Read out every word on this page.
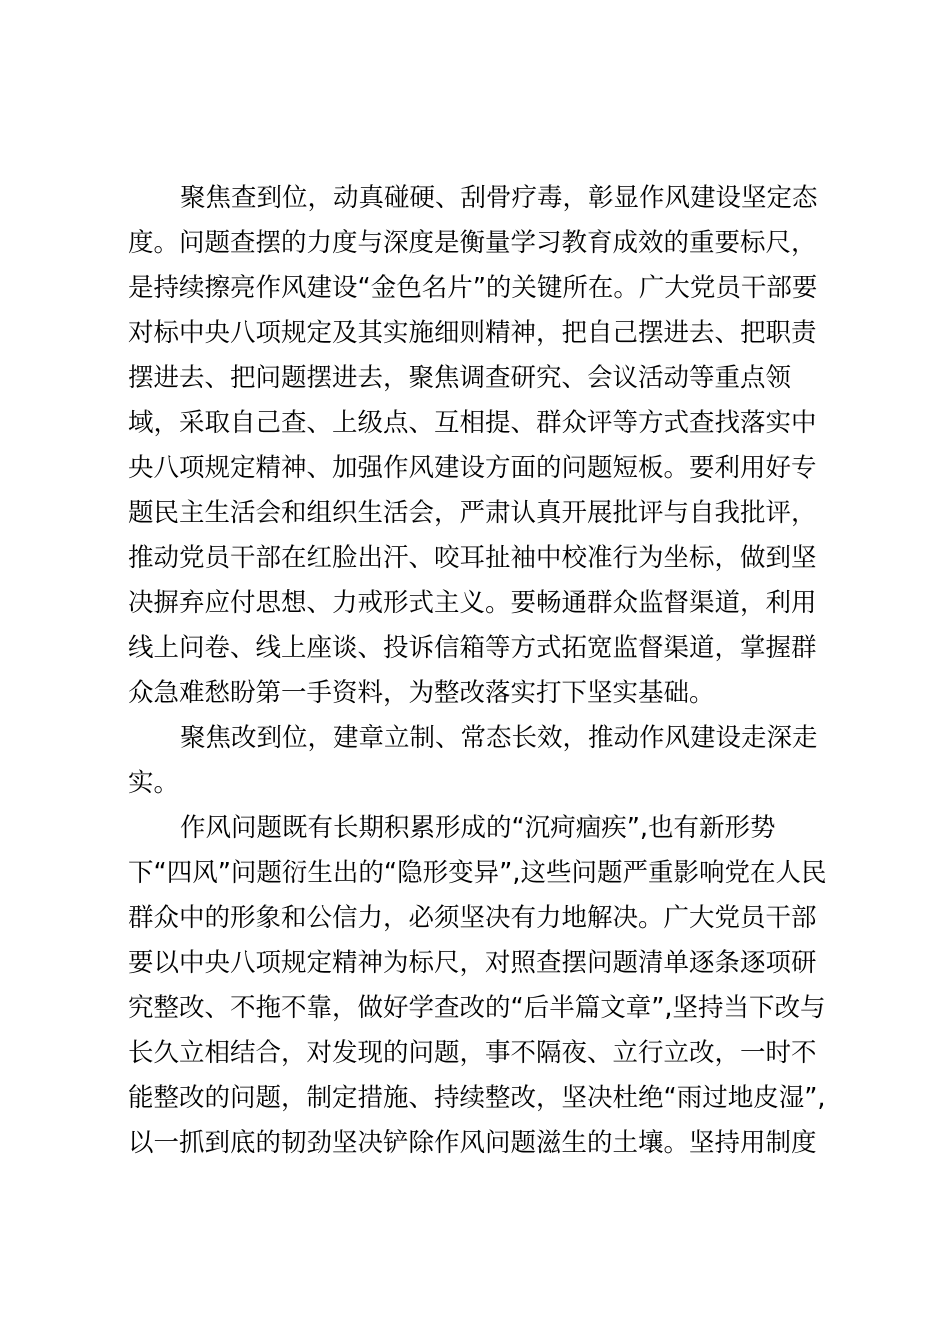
聚焦查到位，动真碰硬、刮骨疗毒，彰显作风建设坚定态
度。问题查摆的力度与深度是衡量学习教育成效的重要标尺，
是持续擦亮作风建设“金色名片”的关键所在。广大党员干部要
对标中央八项规定及其实施细则精神，把自己摆进去、把职责
摆进去、把问题摆进去，聚焦调查研究、会议活动等重点领
域，采取自己查、上级点、互相提、群众评等方式查找落实中
央八项规定精神、加强作风建设方面的问题短板。要利用好专
题民主生活会和组织生活会，严肃认真开展批评与自我批评，
推动党员干部在红脸出汗、咬耳扯袖中校准行为坐标，做到坚
决摒弃应付思想、力戒形式主义。要畅通群众监督渠道，利用
线上问卷、线上座谈、投诉信箱等方式拓宽监督渠道，掌握群
众急难愁盼第一手资料，为整改落实打下坚实基础。
聚焦改到位，建章立制、常态长效，推动作风建设走深走
实。
作风问题既有长期积累形成的“沉疴痼疾”,也有新形势
下“四风”问题衍生出的“隐形变异”,这些问题严重影响党在人民
群众中的形象和公信力，必须坚决有力地解决。广大党员干部
要以中央八项规定精神为标尺，对照查摆问题清单逐条逐项研
究整改、不拖不靠，做好学查改的“后半篇文章”,坚持当下改与
长久立相结合，对发现的问题，事不隔夜、立行立改，一时不
能整改的问题，制定措施、持续整改，坚决杜绝“雨过地皮湿”,
以一抓到底的韧劲坚决铲除作风问题滋生的土壤。坚持用制度
